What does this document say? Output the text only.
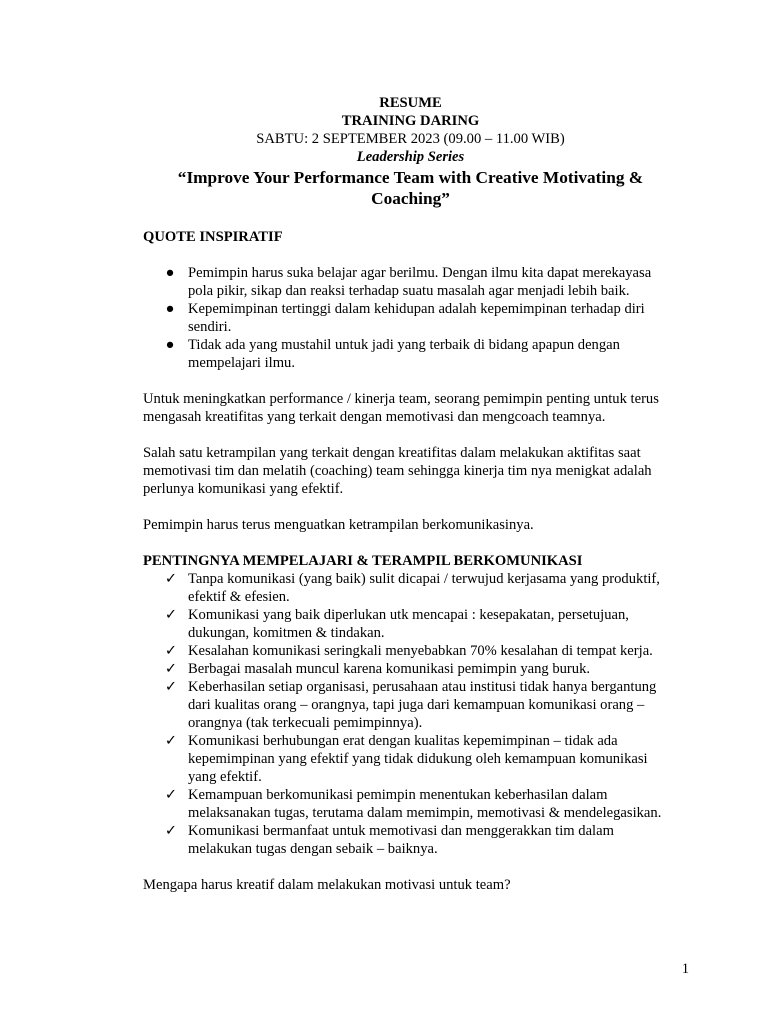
RESUME
TRAINING DARING
SABTU: 2 SEPTEMBER 2023 (09.00 – 11.00 WIB)
Leadership Series
“Improve Your Performance Team with Creative Motivating &
Coaching”

QUOTE INSPIRATIF

● Pemimpin harus suka belajar agar berilmu. Dengan ilmu kita dapat merekayasa
pola pikir, sikap dan reaksi terhadap suatu masalah agar menjadi lebih baik.
● Kepemimpinan tertinggi dalam kehidupan adalah kepemimpinan terhadap diri
sendiri.
● Tidak ada yang mustahil untuk jadi yang terbaik di bidang apapun dengan
mempelajari ilmu.

Untuk meningkatkan performance / kinerja team, seorang pemimpin penting untuk terus
mengasah kreatifitas yang terkait dengan memotivasi dan mengcoach teamnya.

Salah satu ketrampilan yang terkait dengan kreatifitas dalam melakukan aktifitas saat
memotivasi tim dan melatih (coaching) team sehingga kinerja tim nya menigkat adalah
perlunya komunikasi yang efektif.

Pemimpin harus terus menguatkan ketrampilan berkomunikasinya.

PENTINGNYA MEMPELAJARI & TERAMPIL BERKOMUNIKASI

✓ Tanpa komunikasi (yang baik) sulit dicapai / terwujud kerjasama yang produktif,
efektif & efesien.
✓ Komunikasi yang baik diperlukan utk mencapai : kesepakatan, persetujuan,
dukungan, komitmen & tindakan.
✓ Kesalahan komunikasi seringkali menyebabkan 70% kesalahan di tempat kerja.
✓ Berbagai masalah muncul karena komunikasi pemimpin yang buruk.
✓ Keberhasilan setiap organisasi, perusahaan atau institusi tidak hanya bergantung
dari kualitas orang – orangnya, tapi juga dari kemampuan komunikasi orang –
orangnya (tak terkecuali pemimpinnya).
✓ Komunikasi berhubungan erat dengan kualitas kepemimpinan – tidak ada
kepemimpinan yang efektif yang tidak didukung oleh kemampuan komunikasi
yang efektif.
✓ Kemampuan berkomunikasi pemimpin menentukan keberhasilan dalam
melaksanakan tugas, terutama dalam memimpin, memotivasi & mendelegasikan.
✓ Komunikasi bermanfaat untuk memotivasi dan menggerakkan tim dalam
melakukan tugas dengan sebaik – baiknya.

Mengapa harus kreatif dalam melakukan motivasi untuk team?

1
